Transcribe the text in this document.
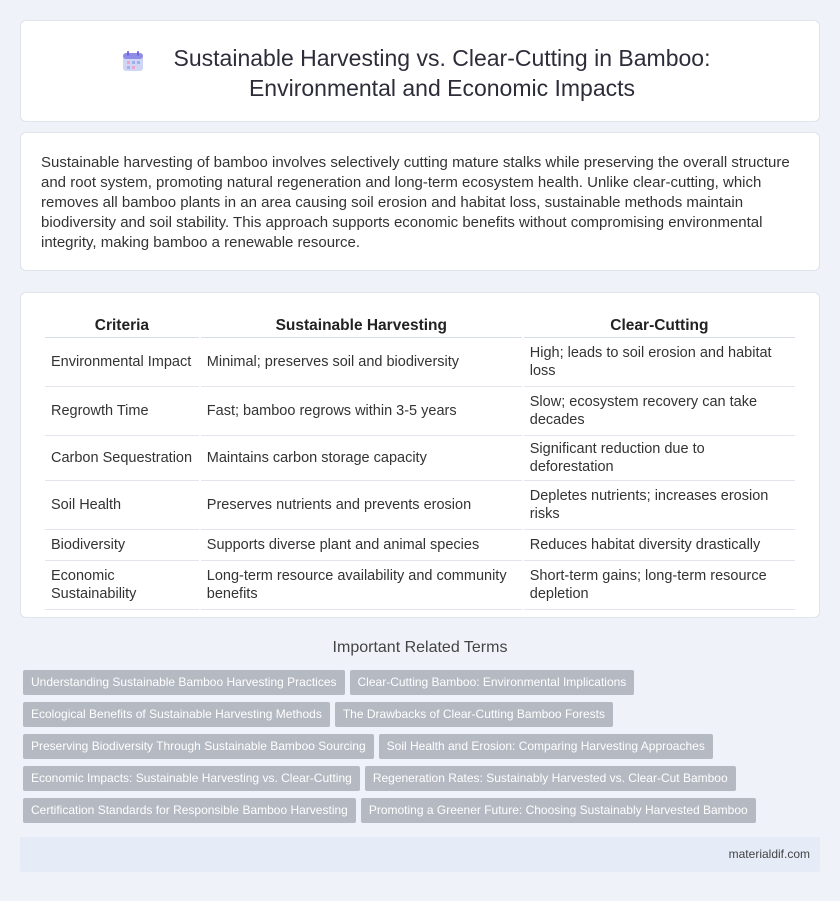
Sustainable Harvesting vs. Clear-Cutting in Bamboo:
Environmental and Economic Impacts

Sustainable harvesting of bamboo involves selectively cutting mature stalks while preserving the overall structure and root system, promoting natural regeneration and long-term ecosystem health. Unlike clear-cutting, which removes all bamboo plants in an area causing soil erosion and habitat loss, sustainable methods maintain biodiversity and soil stability. This approach supports economic benefits without compromising environmental integrity, making bamboo a renewable resource.

Criteria	Sustainable Harvesting	Clear-Cutting
Environmental Impact	Minimal; preserves soil and biodiversity	High; leads to soil erosion and habitat loss
Regrowth Time	Fast; bamboo regrows within 3-5 years	Slow; ecosystem recovery can take decades
Carbon Sequestration	Maintains carbon storage capacity	Significant reduction due to deforestation
Soil Health	Preserves nutrients and prevents erosion	Depletes nutrients; increases erosion risks
Biodiversity	Supports diverse plant and animal species	Reduces habitat diversity drastically
Economic Sustainability	Long-term resource availability and community benefits	Short-term gains; long-term resource depletion
Important Related Terms
Understanding Sustainable Bamboo Harvesting Practices Clear-Cutting Bamboo: Environmental Implications
Ecological Benefits of Sustainable Harvesting Methods The Drawbacks of Clear-Cutting Bamboo Forests
Preserving Biodiversity Through Sustainable Bamboo Sourcing Soil Health and Erosion: Comparing Harvesting Approaches
Economic Impacts: Sustainable Harvesting vs. Clear-Cutting Regeneration Rates: Sustainably Harvested vs. Clear-Cut Bamboo
Certification Standards for Responsible Bamboo Harvesting Promoting a Greener Future: Choosing Sustainably Harvested Bamboo
materialdif.com
